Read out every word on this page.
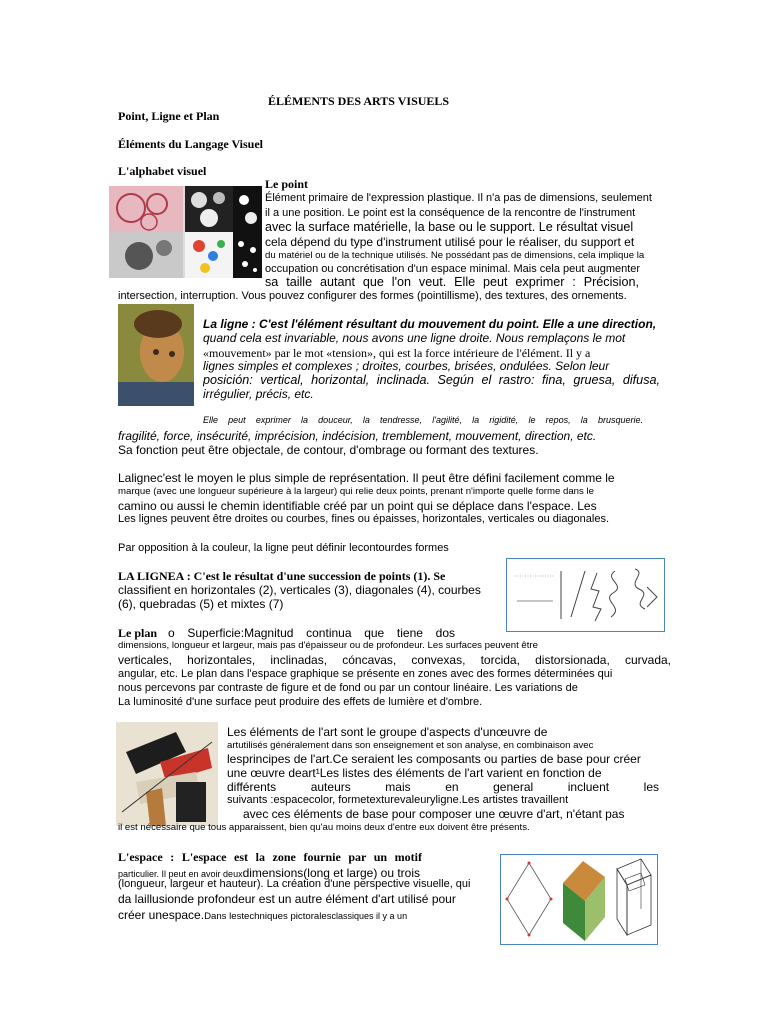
ÉLÉMENTS DES ARTS VISUELS
Point, Ligne et Plan
Éléments du Langage Visuel
L'alphabet visuel
Le point
Élément primaire de l'expression plastique. Il n'a pas de dimensions, seulement
il a une position. Le point est la conséquence de la rencontre de l'instrument
avec la surface matérielle, la base ou le support. Le résultat visuel
cela dépend du type d'instrument utilisé pour le réaliser, du support et
du matériel ou de la technique utilisés. Ne possédant pas de dimensions, cela implique la
occupation ou concrétisation d'un espace minimal. Mais cela peut augmenter
sa taille autant que l'on veut. Elle peut exprimer : Précision,
intersection, interruption. Vous pouvez configurer des formes (pointillisme), des textures, des ornements.
La ligne : C'est l'élément résultant du mouvement du point. Elle a une direction,
quand cela est invariable, nous avons une ligne droite. Nous remplaçons le mot
«mouvement» par le mot «tension», qui est la force intérieure de l'élément. Il y a
lignes simples et complexes ; droites, courbes, brisées, ondulées. Selon leur
posición: vertical, horizontal, inclinada. Según el rastro: fina, gruesa, difusa,
irrégulier, précis, etc.
Elle peut exprimer la douceur, la tendresse, l'agilité, la rigidité, le repos, la brusquerie.
fragilité, force, insécurité, imprécision, indécision, tremblement, mouvement, direction, etc.
Sa fonction peut être objectale, de contour, d'ombrage ou formant des textures.
Lalignec'est le moyen le plus simple de représentation. Il peut être défini facilement comme le
marque (avec une longueur supérieure à la largeur) qui relie deux points, prenant n'importe quelle forme dans le
camino ou aussi le chemin identifiable créé par un point qui se déplace dans l'espace. Les
Les lignes peuvent être droites ou courbes, fines ou épaisses, horizontales, verticales ou diagonales.
Par opposition à la couleur, la ligne peut définir lecontourdes formes
LA LIGNEA : C'est le résultat d'une succession de points (1). Se
classifient en horizontales (2), verticales (3), diagonales (4), courbes
(6), quebradas (5) et mixtes (7)
Le plan o Superficie:Magnitud continua que tiene dos
dimensions, longueur et largeur, mais pas d'épaisseur ou de profondeur. Les surfaces peuvent être
verticales, horizontales, inclinadas, cóncavas, convexas, torcida, distorsionada, curvada,
angular, etc. Le plan dans l'espace graphique se présente en zones avec des formes déterminées qui
nous percevons par contraste de figure et de fond ou par un contour linéaire. Les variations de
La luminosité d'une surface peut produire des effets de lumière et d'ombre.
Les éléments de l'art sont le groupe d'aspects d'unœuvre de
artutilisés généralement dans son enseignement et son analyse, en combinaison avec
lesprincipes de l'art.Ce seraient les composants ou parties de base pour créer
une œuvre deart¹Les listes des éléments de l'art varient en fonction de
différents auteurs mais en general incluent les
suivants :espacecolor, formetexturevaleuryligne.Les artistes travaillent
avec ces éléments de base pour composer une œuvre d'art, n'étant pas
il est nécessaire que tous apparaissent, bien qu'au moins deux d'entre eux doivent être présents.
L'espace : L'espace est la zone fournie par un motif
particulier. Il peut en avoir deuxdimensions(long et large) ou trois
(longueur, largeur et hauteur). La création d'une perspective visuelle, qui
da laillusionde profondeur est un autre élément d'art utilisé pour
créer unespace.Dans lestechniques pictoralesclassiques il y a un
